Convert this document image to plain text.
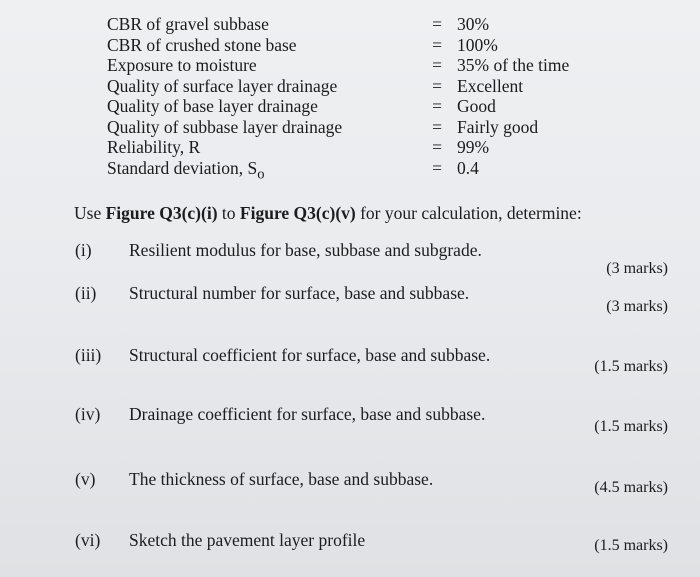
CBR of gravel subbase	= 30%
CBR of crushed stone base	= 100%
Exposure to moisture	= 35% of the time
Quality of surface layer drainage	= Excellent
Quality of base layer drainage	= Good
Quality of subbase layer drainage	= Fairly good
Reliability, R	= 99%
Standard deviation, $S_o$	= 0.4
Use Figure Q3(c)(i) to Figure Q3(c)(v) for your calculation, determine:
(i) Resilient modulus for base, subbase and subgrade.
(3 marks)
(ii) Structural number for surface, base and subbase.
(3 marks)
(iii) Structural coefficient for surface, base and subbase.
(1.5 marks)
(iv) Drainage coefficient for surface, base and subbase.
(1.5 marks)
(v) The thickness of surface, base and subbase.	(4.5 marks)
(vi) Sketch the pavement layer profile	(1.5 marks)
